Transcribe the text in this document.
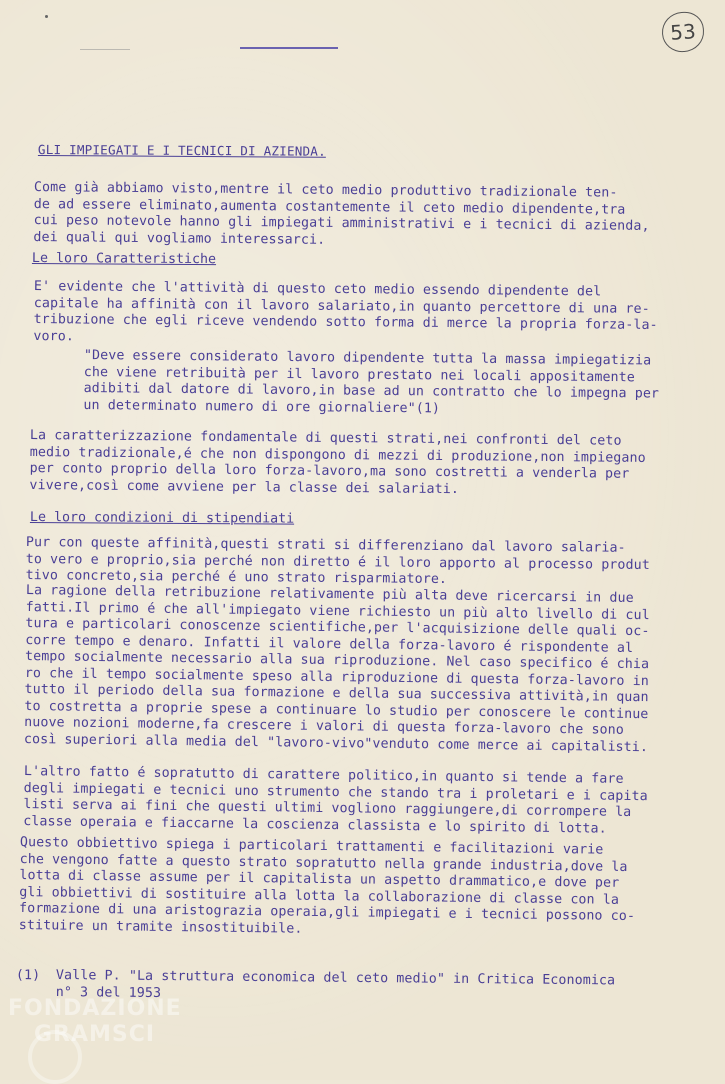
53
GLI IMPIEGATI E I TECNICI DI AZIENDA.
Come già abbiamo visto,mentre il ceto medio produttivo tradizionale ten-
de ad essere eliminato,aumenta costantemente il ceto medio dipendente,tra
cui peso notevole hanno gli impiegati amministrativi e i tecnici di azienda,
dei quali qui vogliamo interessarci.
Le loro Caratteristiche
E' evidente che l'attività di questo ceto medio essendo dipendente del
capitale ha affinità con il lavoro salariato,in quanto percettore di una re-
tribuzione che egli riceve vendendo sotto forma di merce la propria forza-la-
voro.
"Deve essere considerato lavoro dipendente tutta la massa impiegatizia
che viene retribuità per il lavoro prestato nei locali appositamente
adibiti dal datore di lavoro,in base ad un contratto che lo impegna per
un determinato numero di ore giornaliere"(1)
La caratterizzazione fondamentale di questi strati,nei confronti del ceto
medio tradizionale,é che non dispongono di mezzi di produzione,non impiegano
per conto proprio della loro forza-lavoro,ma sono costretti a venderla per
vivere,così come avviene per la classe dei salariati.
Le loro condizioni di stipendiati
Pur con queste affinità,questi strati si differenziano dal lavoro salaria-
to vero e proprio,sia perché non diretto é il loro apporto al processo produt
tivo concreto,sia perché é uno strato risparmiatore.
La ragione della retribuzione relativamente più alta deve ricercarsi in due
fatti.Il primo é che all'impiegato viene richiesto un più alto livello di cul
tura e particolari conoscenze scientifiche,per l'acquisizione delle quali oc-
corre tempo e denaro. Infatti il valore della forza-lavoro é rispondente al
tempo socialmente necessario alla sua riproduzione. Nel caso specifico é chia
ro che il tempo socialmente speso alla riproduzione di questa forza-lavoro in
tutto il periodo della sua formazione e della sua successiva attività,in quan
to costretta a proprie spese a continuare lo studio per conoscere le continue
nuove nozioni moderne,fa crescere i valori di questa forza-lavoro che sono
così superiori alla media del "lavoro-vivo"venduto come merce ai capitalisti.
L'altro fatto é sopratutto di carattere politico,in quanto si tende a fare
degli impiegati e tecnici uno strumento che stando tra i proletari e i capita
listi serva ai fini che questi ultimi vogliono raggiungere,di corrompere la
classe operaia e fiaccarne la coscienza classista e lo spirito di lotta.
Questo obbiettivo spiega i particolari trattamenti e facilitazioni varie
che vengono fatte a questo strato sopratutto nella grande industria,dove la
lotta di classe assume per il capitalista un aspetto drammatico,e dove per
gli obbiettivi di sostituire alla lotta la collaborazione di classe con la
formazione di una aristograzia operaia,gli impiegati e i tecnici possono co-
stituire un tramite insostituibile.
(1) Valle P. "La struttura economica del ceto medio" in Critica Economica
n° 3 del 1953
FONDAZIONE
GRAMSCI
